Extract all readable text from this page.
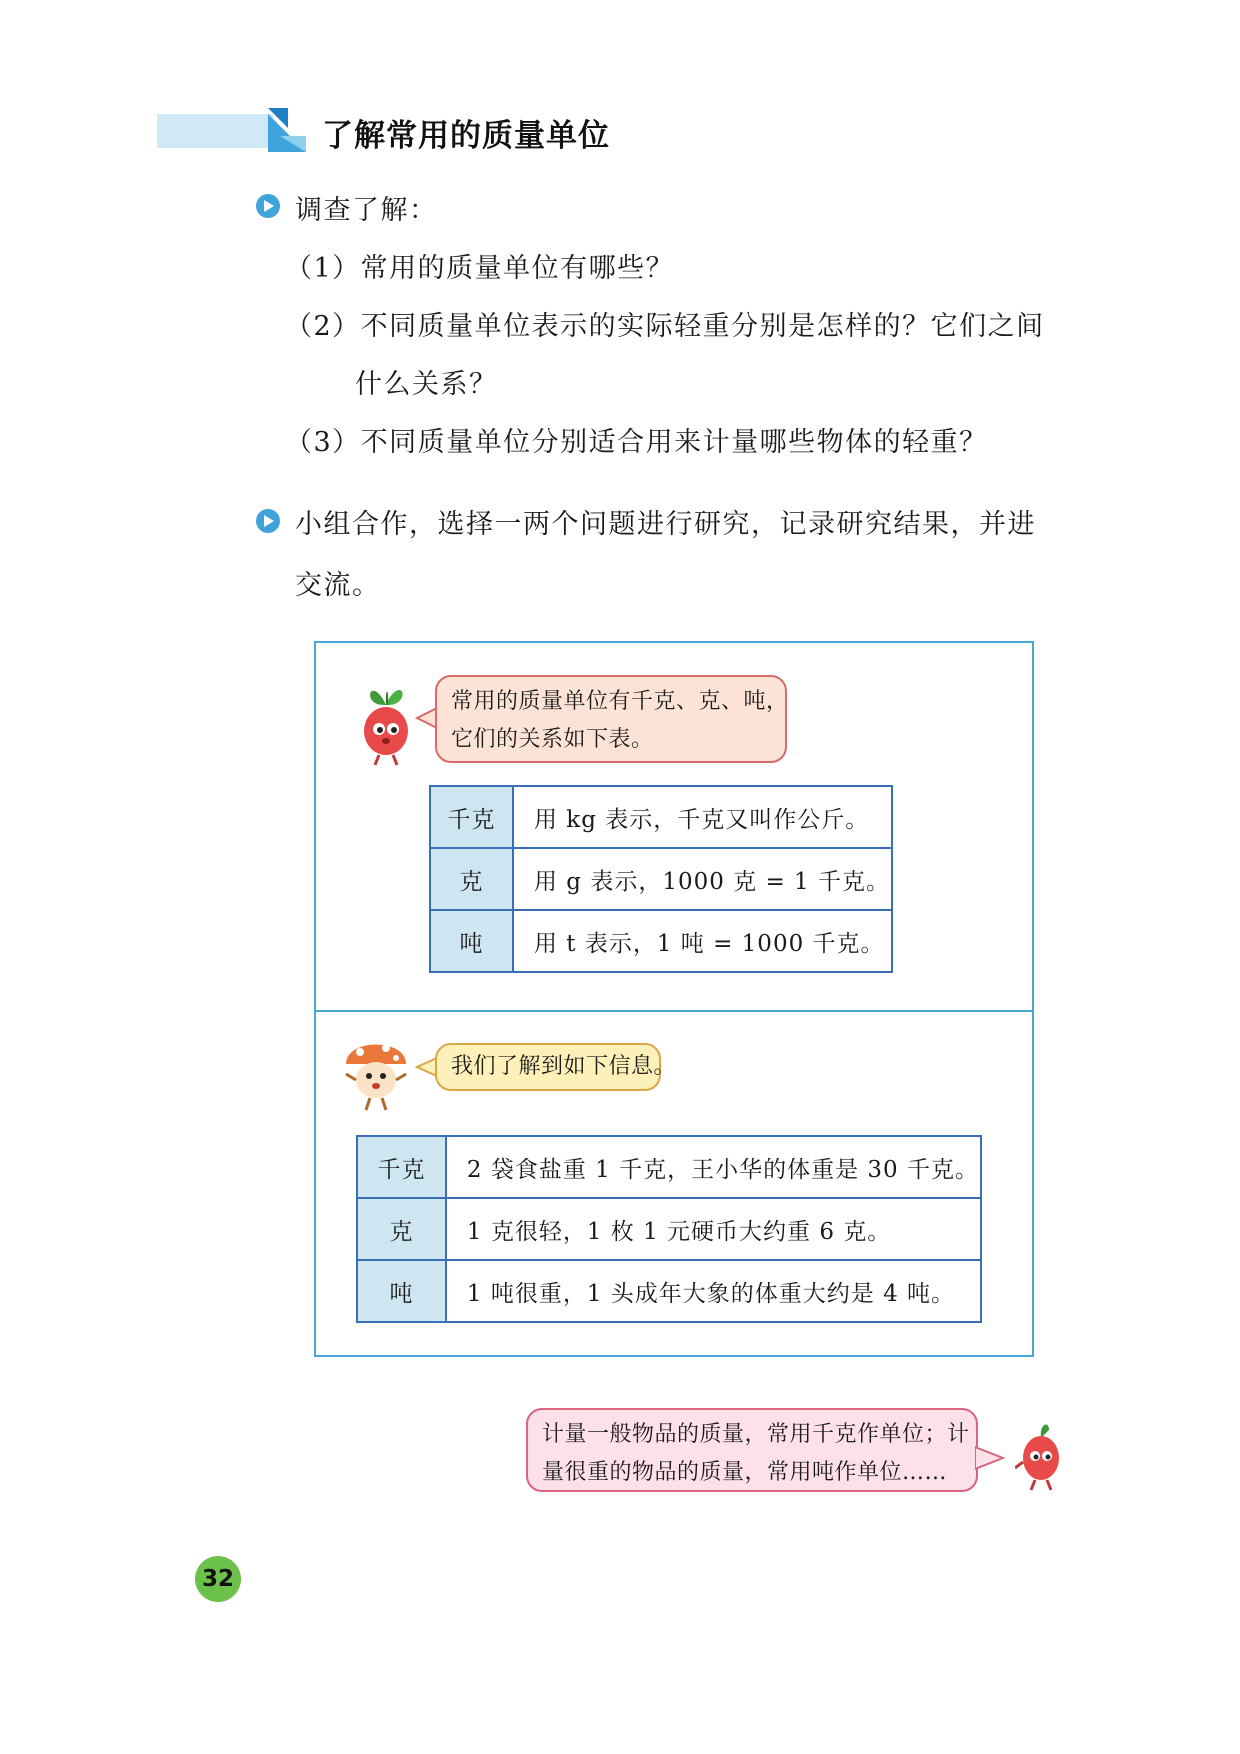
了解常用的质量单位
调查了解：
（1）常用的质量单位有哪些？
（2）不同质量单位表示的实际轻重分别是怎样的？它们之间
什么关系？
（3）不同质量单位分别适合用来计量哪些物体的轻重？
小组合作，选择一两个问题进行研究，记录研究结果，并进
交流。
常用的质量单位有千克、克、吨，
它们的关系如下表。
千克	用 kg 表示，千克又叫作公斤。
克	用 g 表示，1000 克 = 1 千克。
吨	用 t 表示，1 吨 = 1000 千克。
我们了解到如下信息。
千克	2 袋食盐重 1 千克，王小华的体重是 30 千克。
克	1 克很轻，1 枚 1 元硬币大约重 6 克。
吨	1 吨很重，1 头成年大象的体重大约是 4 吨。
计量一般物品的质量，常用千克作单位；计
量很重的物品的质量，常用吨作单位……
32
